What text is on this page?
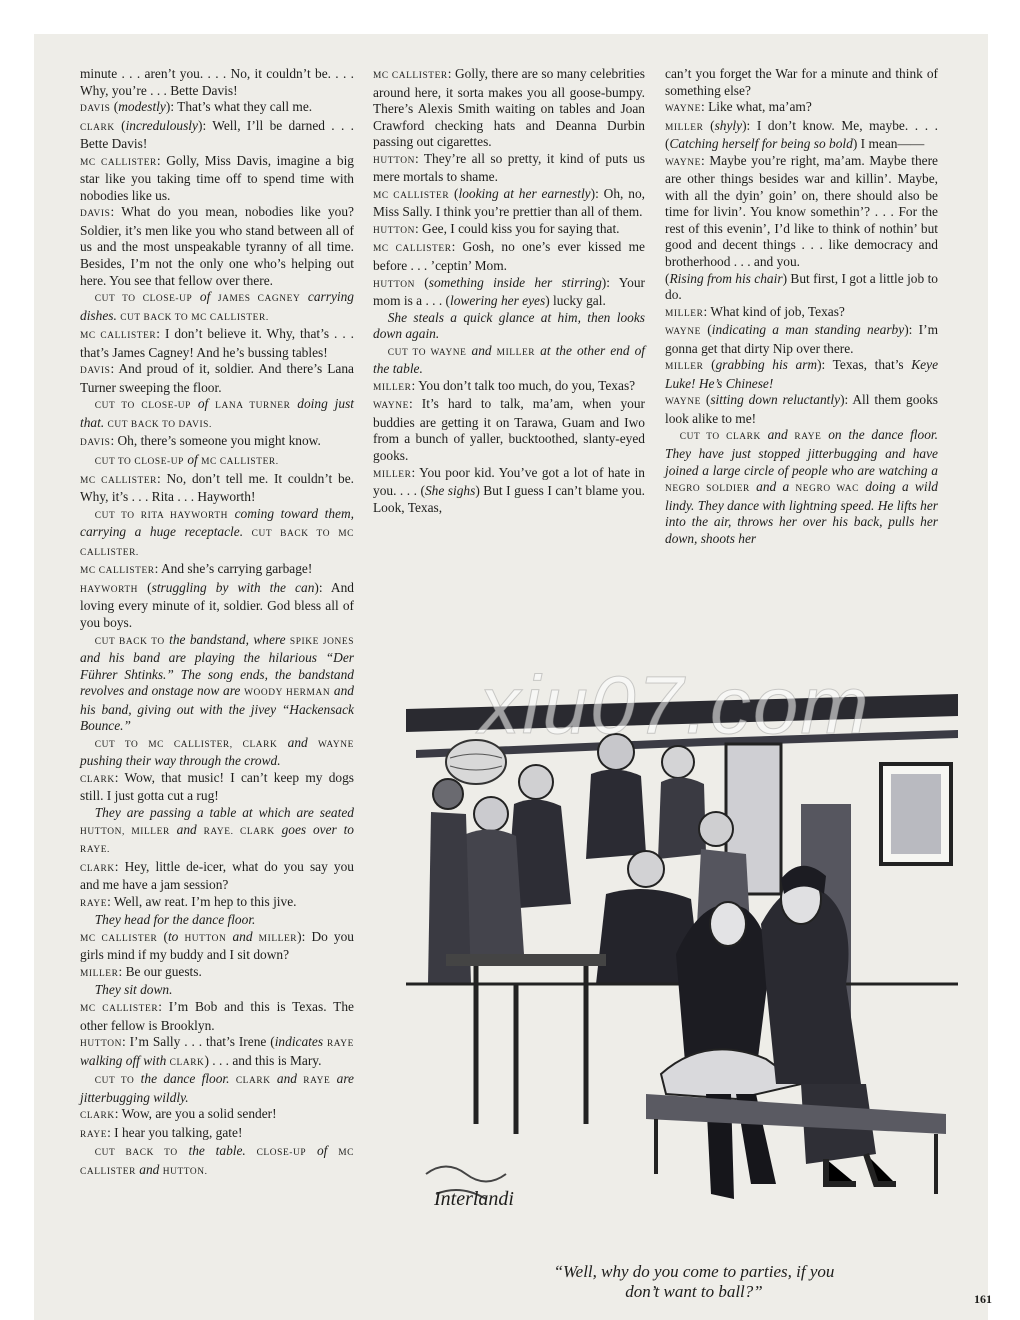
minute . . . aren’t you. . . . No, it couldn’t be. . . . Why, you’re . . . Bette Davis!

DAVIS (modestly): That’s what they call me.

CLARK (incredulously): Well, I’ll be darned . . . Bette Davis!

MC CALLISTER: Golly, Miss Davis, imagine a big star like you taking time off to spend time with nobodies like us.

DAVIS: What do you mean, nobodies like you? Soldier, it’s men like you who stand between all of us and the most unspeakable tyranny of all time. Besides, I’m not the only one who’s helping out here. You see that fellow over there.

CUT TO CLOSE-UP of JAMES CAGNEY carrying dishes. CUT BACK TO MC CALLISTER.

MC CALLISTER: I don’t believe it. Why, that’s . . . that’s James Cagney! And he’s bussing tables!

DAVIS: And proud of it, soldier. And there’s Lana Turner sweeping the floor.

CUT TO CLOSE-UP of LANA TURNER doing just that. CUT BACK TO DAVIS.

DAVIS: Oh, there’s someone you might know.

CUT TO CLOSE-UP of MC CALLISTER.

MC CALLISTER: No, don’t tell me. It couldn’t be. Why, it’s . . . Rita . . . Hayworth!

CUT TO RITA HAYWORTH coming toward them, carrying a huge receptacle. CUT BACK TO MC CALLISTER.

MC CALLISTER: And she’s carrying garbage!

HAYWORTH (struggling by with the can): And loving every minute of it, soldier. God bless all of you boys.

CUT BACK TO the bandstand, where SPIKE JONES and his band are playing the hilarious “Der Führer Shtinks.” The song ends, the bandstand revolves and onstage now are WOODY HERMAN and his band, giving out with the jivey “Hackensack Bounce.”

CUT TO MC CALLISTER, CLARK and WAYNE pushing their way through the crowd.

CLARK: Wow, that music! I can’t keep my dogs still. I just gotta cut a rug!

They are passing a table at which are seated HUTTON, MILLER and RAYE. CLARK goes over to RAYE.

CLARK: Hey, little de-icer, what do you say you and me have a jam session?

RAYE: Well, aw reat. I’m hep to this jive.

They head for the dance floor.

MC CALLISTER (to HUTTON and MILLER): Do you girls mind if my buddy and I sit down?

MILLER: Be our guests.

They sit down.

MC CALLISTER: I’m Bob and this is Texas. The other fellow is Brooklyn.

HUTTON: I’m Sally . . . that’s Irene (indicates RAYE walking off with CLARK) . . . and this is Mary.

CUT TO the dance floor. CLARK and RAYE are jitterbugging wildly.

CLARK: Wow, are you a solid sender!

RAYE: I hear you talking, gate!

CUT BACK TO the table. CLOSE-UP of MC CALLISTER and HUTTON.

MC CALLISTER: Golly, there are so many celebrities around here, it sorta makes you all goose-bumpy. There’s Alexis Smith waiting on tables and Joan Crawford checking hats and Deanna Durbin passing out cigarettes.

HUTTON: They’re all so pretty, it kind of puts us mere mortals to shame.

MC CALLISTER (looking at her earnestly): Oh, no, Miss Sally. I think you’re prettier than all of them.

HUTTON: Gee, I could kiss you for saying that.

MC CALLISTER: Gosh, no one’s ever kissed me before . . . ’ceptin’ Mom.

HUTTON (something inside her stirring): Your mom is a . . . (lowering her eyes) lucky gal.

She steals a quick glance at him, then looks down again.

CUT TO WAYNE and MILLER at the other end of the table.

MILLER: You don’t talk too much, do you, Texas?

WAYNE: It’s hard to talk, ma’am, when your buddies are getting it on Tarawa, Guam and Iwo from a bunch of yaller, bucktoothed, slanty-eyed gooks.

MILLER: You poor kid. You’ve got a lot of hate in you. . . . (She sighs) But I guess I can’t blame you. Look, Texas,

can’t you forget the War for a minute and think of something else?

WAYNE: Like what, ma’am?

MILLER (shyly): I don’t know. Me, maybe. . . . (Catching herself for being so bold) I mean——

WAYNE: Maybe you’re right, ma’am. Maybe there are other things besides war and killin’. Maybe, with all the dyin’ goin’ on, there should also be time for livin’. You know somethin’? . . . For the rest of this evenin’, I’d like to think of nothin’ but good and decent things . . . like democracy and brotherhood . . . and you.

(Rising from his chair) But first, I got a little job to do.

MILLER: What kind of job, Texas?

WAYNE (indicating a man standing nearby): I’m gonna get that dirty Nip over there.

MILLER (grabbing his arm): Texas, that’s Keye Luke! He’s Chinese!

WAYNE (sitting down reluctantly): All them gooks look alike to me!

CUT TO CLARK and RAYE on the dance floor. They have just stopped jitterbugging and have joined a large circle of people who are watching a NEGRO SOLDIER and a NEGRO WAC doing a wild lindy. They dance with lightning speed. He lifts her into the air, throws her over his back, pulls her down, shoots her

xiu07.com
Interlandi
“Well, why do you come to parties, if you
don’t want to ball?”	161
